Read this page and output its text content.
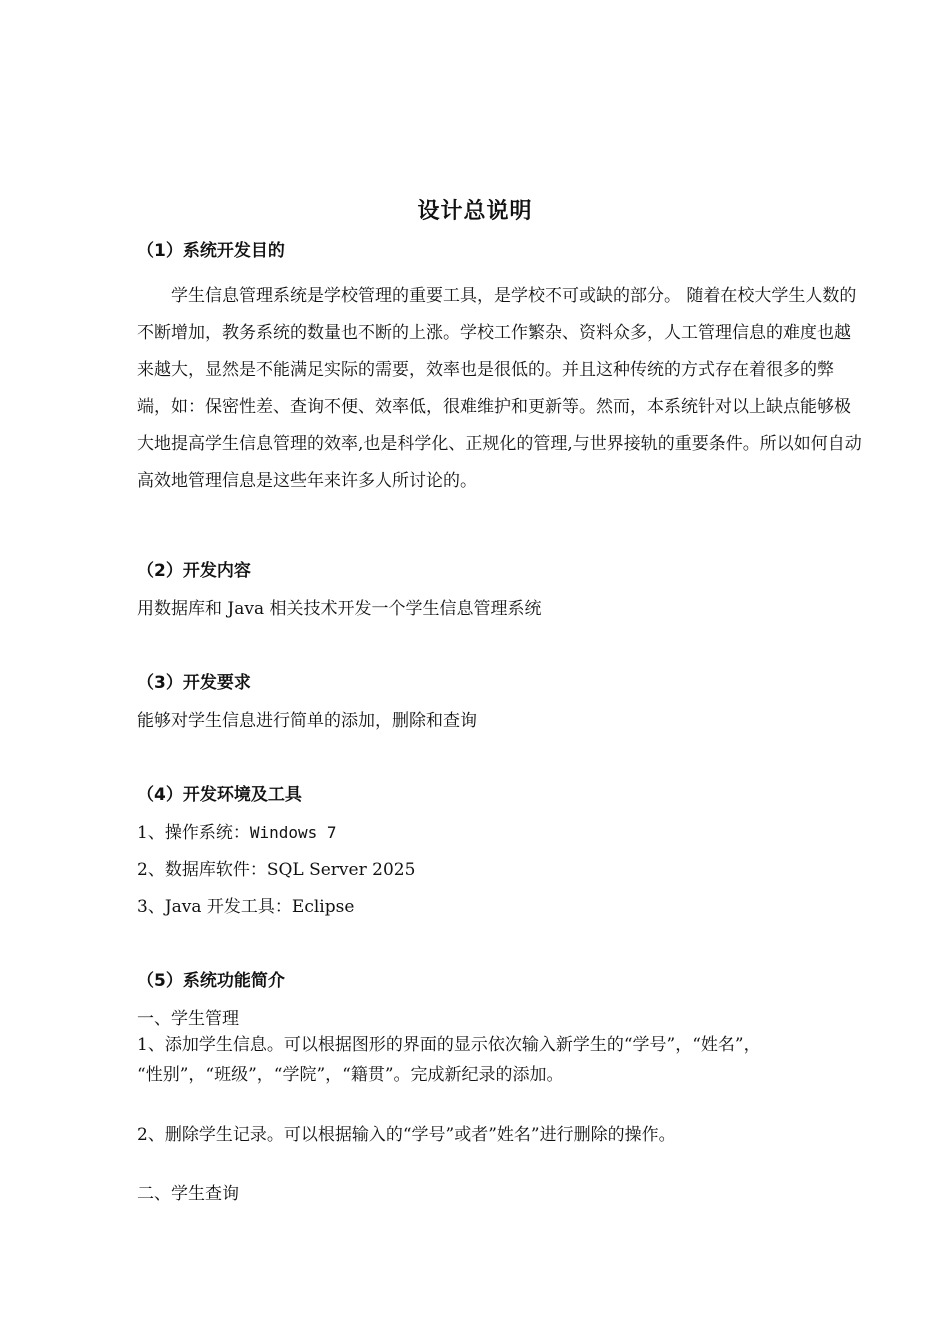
设计总说明
（1）系统开发目的
学生信息管理系统是学校管理的重要工具，是学校不可或缺的部分。 随着在校大学生人数的不断增加，教务系统的数量也不断的上涨。学校工作繁杂、资料众多，人工管理信息的难度也越来越大，显然是不能满足实际的需要，效率也是很低的。并且这种传统的方式存在着很多的弊端，如：保密性差、查询不便、效率低，很难维护和更新等。然而，本系统针对以上缺点能够极大地提高学生信息管理的效率,也是科学化、正规化的管理,与世界接轨的重要条件。所以如何自动高效地管理信息是这些年来许多人所讨论的。
（2）开发内容
用数据库和 Java 相关技术开发一个学生信息管理系统
（3）开发要求
能够对学生信息进行简单的添加，删除和查询
（4）开发环境及工具
1、操作系统：Windows 7
2、数据库软件：SQL Server 2025
3、Java 开发工具：Eclipse
（5）系统功能简介
一、学生管理
1、添加学生信息。可以根据图形的界面的显示依次输入新学生的“学号”，“姓名”，
“性别”，“班级”，“学院”，“籍贯”。完成新纪录的添加。
2、删除学生记录。可以根据输入的“学号”或者”姓名”进行删除的操作。
二、学生查询
